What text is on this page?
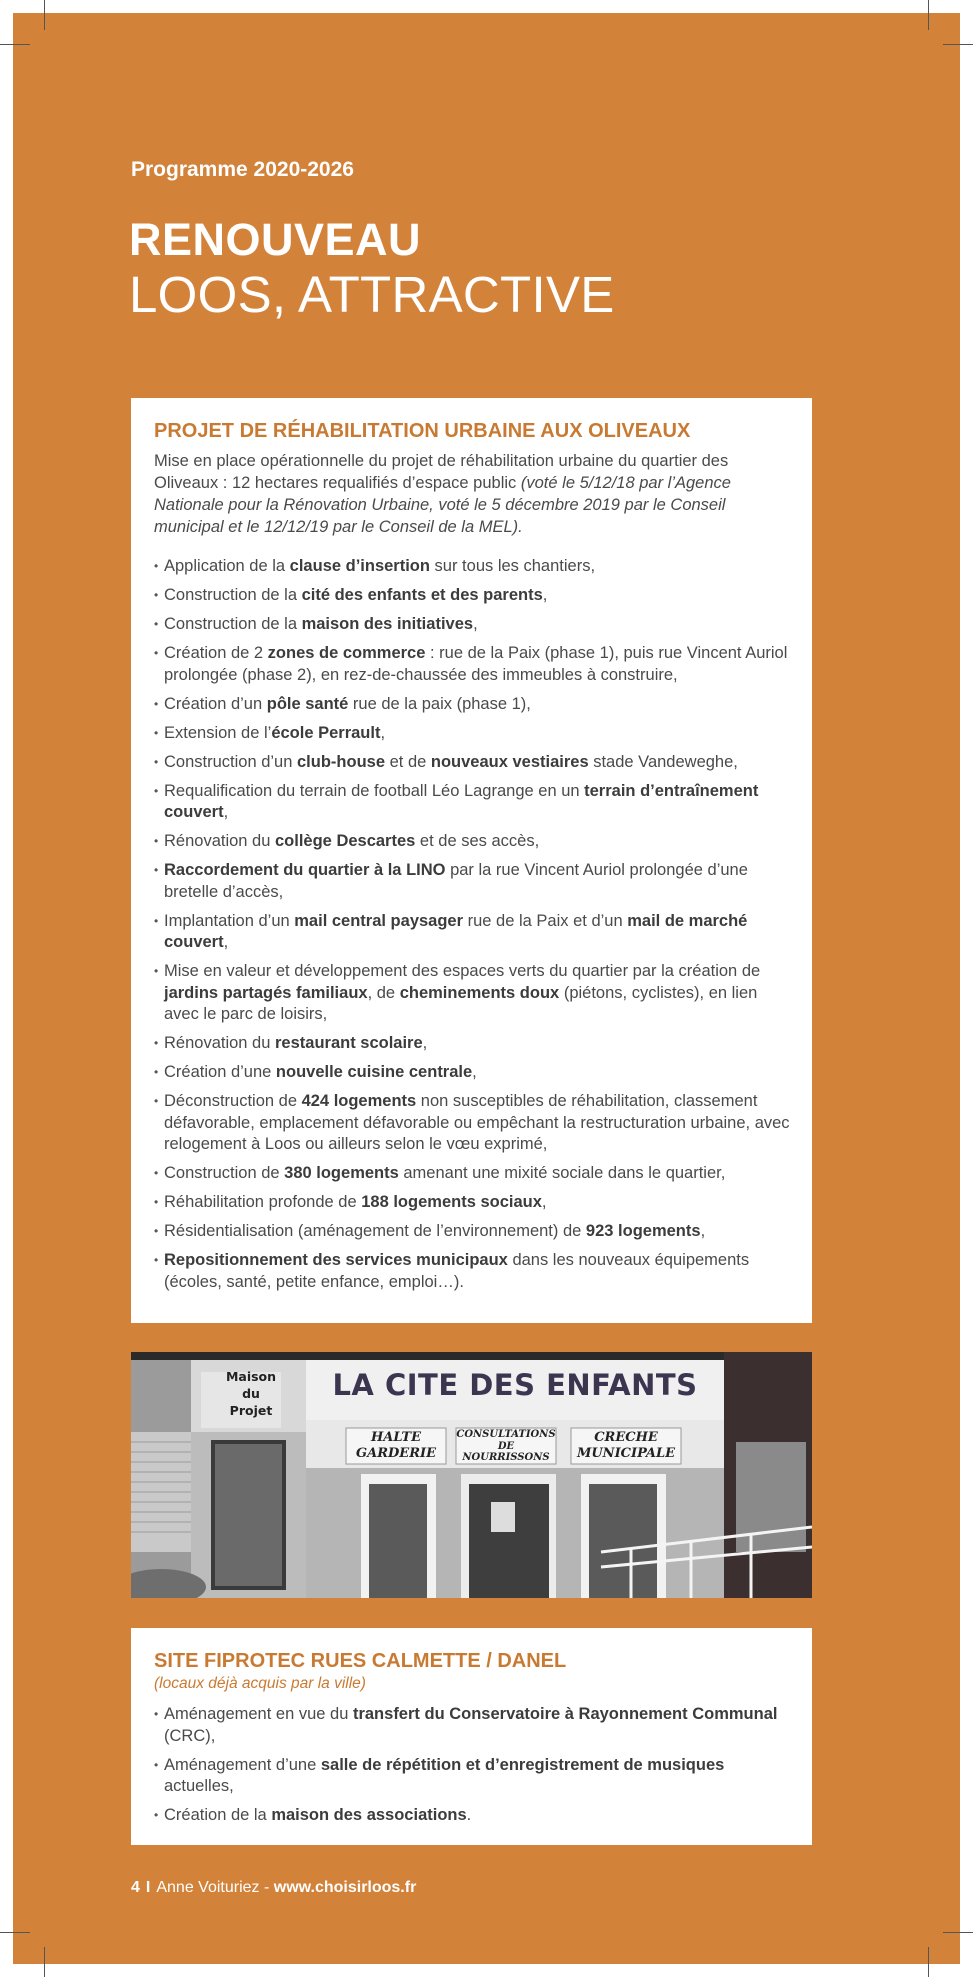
Programme 2020-2026
RENOUVEAU
LOOS, ATTRACTIVE
PROJET DE RÉHABILITATION URBAINE AUX OLIVEAUX

Mise en place opérationnelle du projet de réhabilitation urbaine du quartier des Oliveaux : 12 hectares requalifiés d’espace public (voté le 5/12/18 par l’Agence Nationale pour la Rénovation Urbaine, voté le 5 décembre 2019 par le Conseil municipal et le 12/12/19 par le Conseil de la MEL).

• Application de la clause d’insertion sur tous les chantiers,
• Construction de la cité des enfants et des parents,
• Construction de la maison des initiatives,
• Création de 2 zones de commerce : rue de la Paix (phase 1), puis rue Vincent Auriol prolongée (phase 2), en rez-de-chaussée des immeubles à construire,
• Création d’un pôle santé rue de la paix (phase 1),
• Extension de l’école Perrault,
• Construction d’un club-house et de nouveaux vestiaires stade Vandeweghe,
• Requalification du terrain de football Léo Lagrange en un terrain d’entraînement couvert,
• Rénovation du collège Descartes et de ses accès,
• Raccordement du quartier à la LINO par la rue Vincent Auriol prolongée d’une bretelle d’accès,
• Implantation d’un mail central paysager rue de la Paix et d’un mail de marché couvert,
• Mise en valeur et développement des espaces verts du quartier par la création de jardins partagés familiaux, de cheminements doux (piétons, cyclistes), en lien avec le parc de loisirs,
• Rénovation du restaurant scolaire,
• Création d’une nouvelle cuisine centrale,
• Déconstruction de 424 logements non susceptibles de réhabilitation, classement défavorable, emplacement défavorable ou empêchant la restructuration urbaine, avec relogement à Loos ou ailleurs selon le vœu exprimé,
• Construction de 380 logements amenant une mixité sociale dans le quartier,
• Réhabilitation profonde de 188 logements sociaux,
• Résidentialisation (aménagement de l’environnement) de 923 logements,
• Repositionnement des services municipaux dans les nouveaux équipements (écoles, santé, petite enfance, emploi…).
Maison
du
Projet
LA CITE DES ENFANTS
HALTE
GARDERIE
CONSULTATIONS
DE
NOURRISSONS
CRECHE
MUNICIPALE
SITE FIPROTEC RUES CALMETTE / DANEL
(locaux déjà acquis par la ville)
• Aménagement en vue du transfert du Conservatoire à Rayonnement Communal (CRC),
• Aménagement d’une salle de répétition et d’enregistrement de musiques actuelles,
• Création de la maison des associations.
4 I Anne Voituriez - www.choisirloos.fr
